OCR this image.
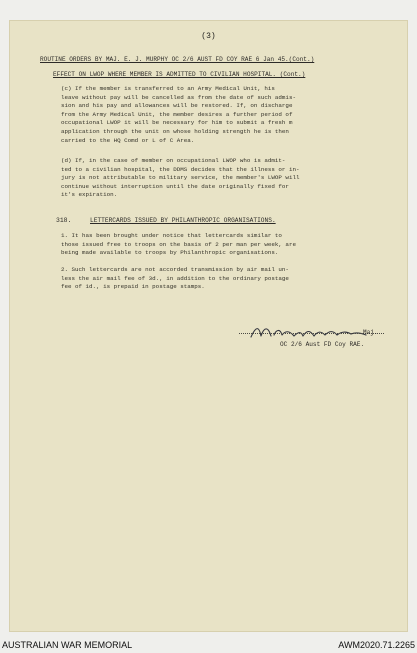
(3)
ROUTINE ORDERS BY MAJ. E. J. MURPHY OC 2/6 AUST FD COY RAE 6 Jan 45.(Cont.)
EFFECT ON LWOP WHERE MEMBER IS ADMITTED TO CIVILIAN HOSPITAL. (Cont.)
(c) If the member is transferred to an Army Medical Unit, his
leave without pay will be cancelled as from the date of such admis-
sion and his pay and allowances will be restored. If, on discharge
from the Army Medical Unit, the member desires a further period of
occupational LWOP it will be necessary for him to submit a fresh m
application through the unit on whose holding strength he is then
carried to the HQ Comd or L of C Area.
(d) If, in the case of member on occupational LWOP who is admit-
ted to a civilian hospital, the DDMS decides that the illness or in-
jury is not attributable to military service, the member's LWOP will
continue without interruption until the date originally fixed for
it's expiration.
318.	LETTERCARDS ISSUED BY PHILANTHROPIC ORGANISATIONS.
1. It has been brought under notice that lettercards similar to
those issued free to troops on the basis of 2 per man per week, are
being made available to troops by Philanthropic organisations.
2. Such lettercards are not accorded transmission by air mail un-
less the air mail fee of 3d., in addition to the ordinary postage
fee of 1d., is prepaid in postage stamps.
Maj.
OC 2/6 Aust FD Coy RAE.
AUSTRALIAN WAR MEMORIAL	AWM2020.71.2265
